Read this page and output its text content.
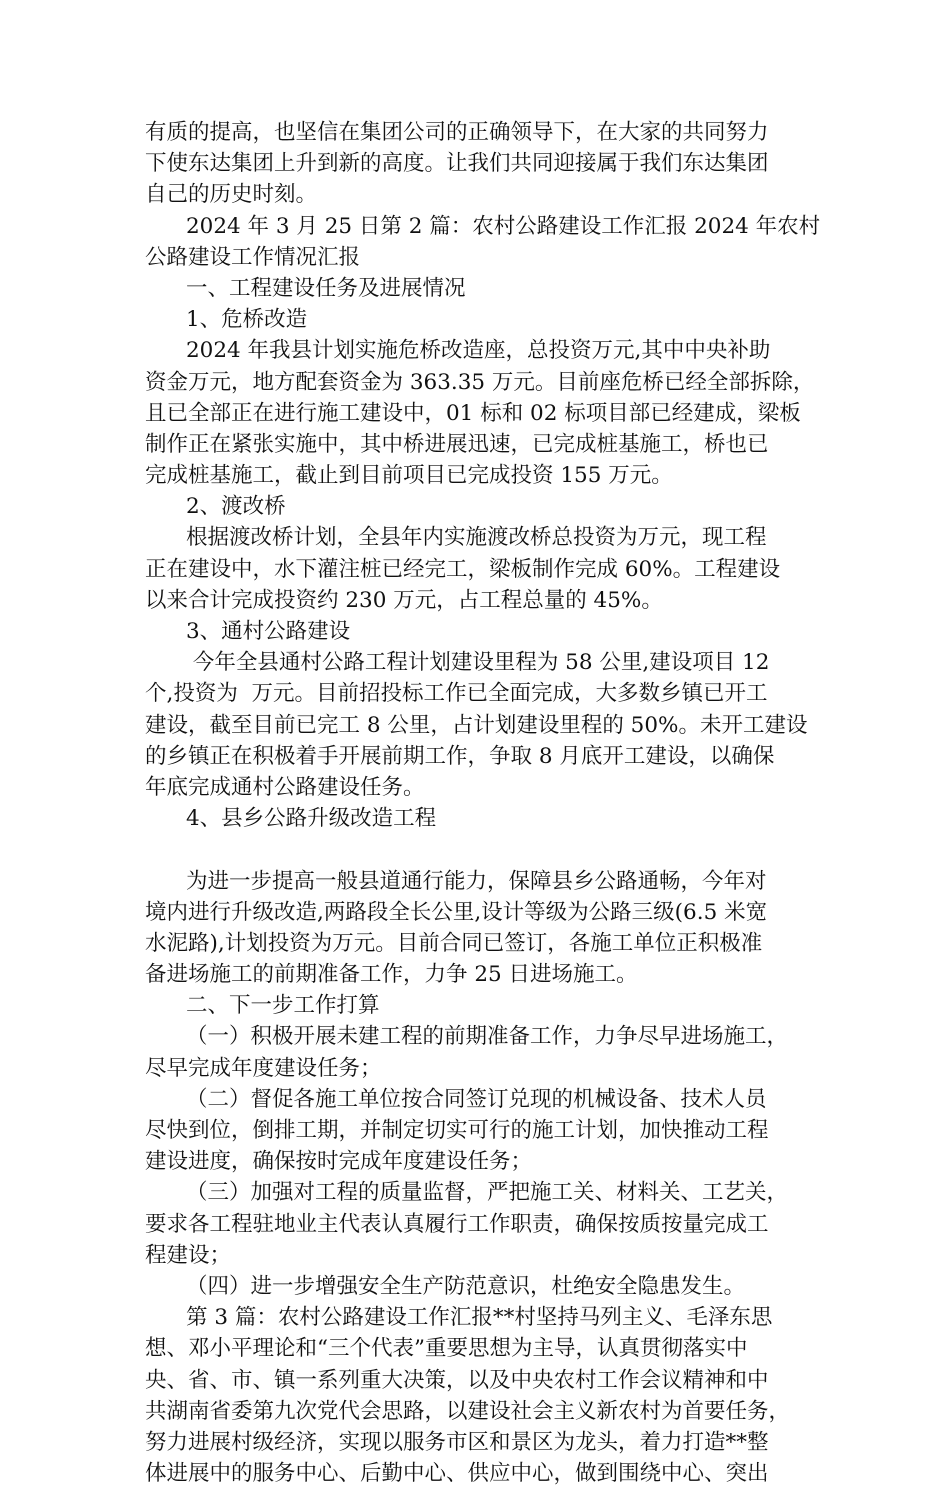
有质的提高，也坚信在集团公司的正确领导下，在大家的共同努力
下使东达集团上升到新的高度。让我们共同迎接属于我们东达集团
自己的历史时刻。
2024 年 3 月 25 日第 2 篇：农村公路建设工作汇报 2024 年农村
公路建设工作情况汇报
一、工程建设任务及进展情况
1、危桥改造
2024 年我县计划实施危桥改造座，总投资万元,其中中央补助
资金万元，地方配套资金为 363.35 万元。目前座危桥已经全部拆除，
且已全部正在进行施工建设中，01 标和 02 标项目部已经建成，梁板
制作正在紧张实施中，其中桥进展迅速，已完成桩基施工，桥也已
完成桩基施工，截止到目前项目已完成投资 155 万元。
2、渡改桥
根据渡改桥计划，全县年内实施渡改桥总投资为万元，现工程
正在建设中，水下灌注桩已经完工，梁板制作完成 60%。工程建设
以来合计完成投资约 230 万元，占工程总量的 45%。
3、通村公路建设
今年全县通村公路工程计划建设里程为 58 公里,建设项目 12
个,投资为  万元。目前招投标工作已全面完成，大多数乡镇已开工
建设，截至目前已完工 8 公里，占计划建设里程的 50%。未开工建设
的乡镇正在积极着手开展前期工作，争取 8 月底开工建设，以确保
年底完成通村公路建设任务。
4、县乡公路升级改造工程
为进一步提高一般县道通行能力，保障县乡公路通畅，今年对
境内进行升级改造,两路段全长公里,设计等级为公路三级(6.5 米宽
水泥路),计划投资为万元。目前合同已签订，各施工单位正积极准
备进场施工的前期准备工作，力争 25 日进场施工。
二、下一步工作打算
（一）积极开展未建工程的前期准备工作，力争尽早进场施工，
尽早完成年度建设任务；
（二）督促各施工单位按合同签订兑现的机械设备、技术人员
尽快到位，倒排工期，并制定切实可行的施工计划，加快推动工程
建设进度，确保按时完成年度建设任务；
（三）加强对工程的质量监督，严把施工关、材料关、工艺关，
要求各工程驻地业主代表认真履行工作职责，确保按质按量完成工
程建设；
（四）进一步增强安全生产防范意识，杜绝安全隐患发生。
第 3 篇：农村公路建设工作汇报**村坚持马列主义、毛泽东思
想、邓小平理论和“三个代表”重要思想为主导，认真贯彻落实中
央、省、市、镇一系列重大决策，以及中央农村工作会议精神和中
共湖南省委第九次党代会思路，以建设社会主义新农村为首要任务，
努力进展村级经济，实现以服务市区和景区为龙头，着力打造**整
体进展中的服务中心、后勤中心、供应中心，做到围绕中心、突出
